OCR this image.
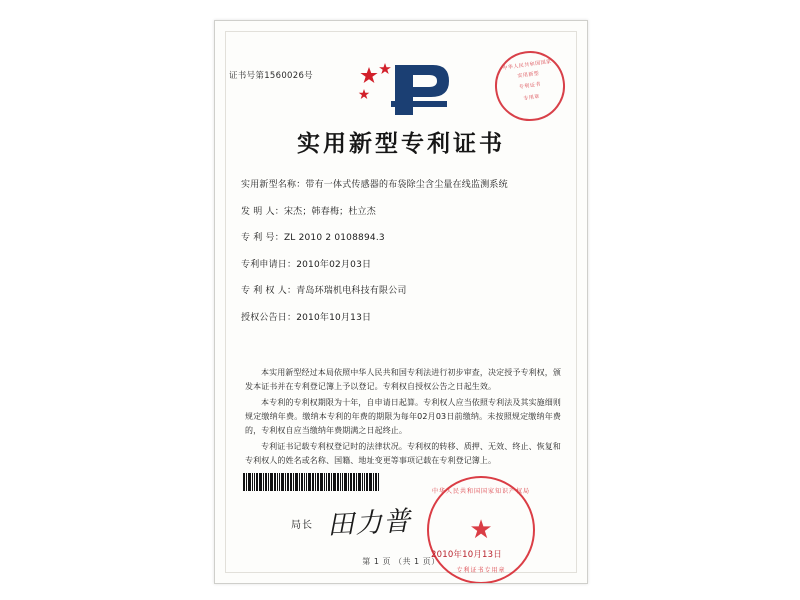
证书号第1560026号
中华人民共和国国家
实用新型
专利证书
专用章
实用新型专利证书
实用新型名称：带有一体式传感器的布袋除尘含尘量在线监测系统
发 明 人：宋杰；韩春梅；杜立杰
专 利 号：ZL 2010 2 0108894.3
专利申请日：2010年02月03日
专 利 权 人：青岛环瑞机电科技有限公司
授权公告日：2010年10月13日

本实用新型经过本局依照中华人民共和国专利法进行初步审查，决定授予专利权，颁发本证书并在专利登记簿上予以登记。专利权自授权公告之日起生效。

本专利的专利权期限为十年，自申请日起算。专利权人应当依照专利法及其实施细则规定缴纳年费。缴纳本专利的年费的期限为每年02月03日前缴纳。未按照规定缴纳年费的，专利权自应当缴纳年费期满之日起终止。

专利证书记载专利权登记时的法律状况。专利权的转移、质押、无效、终止、恢复和专利权人的姓名或名称、国籍、地址变更等事项记载在专利登记簿上。

局长 田力普
中华人民共和国国家知识产权局
★
专利证书专用章
2010年10月13日
第 1 页 （共 1 页）
